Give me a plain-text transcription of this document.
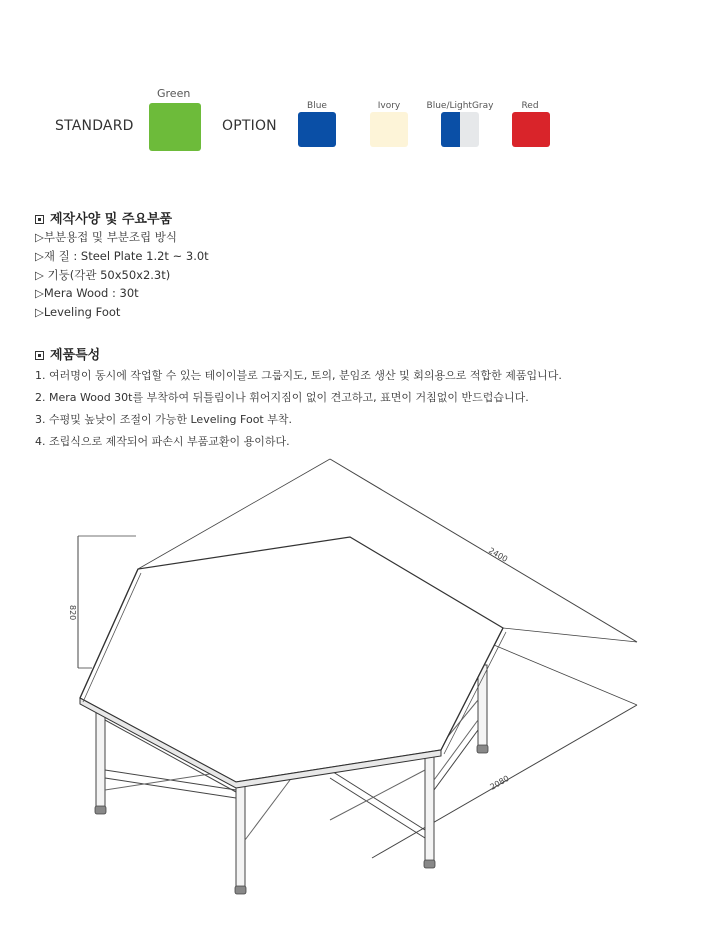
STANDARD
Green
OPTION
Blue	Ivory	Blue/LightGray	Red
제작사양 및 주요부품
▷부분용접 및 부분조립 방식
▷재 질 : Steel Plate 1.2t ~ 3.0t
▷ 기둥(각관 50x50x2.3t)
▷Mera Wood : 30t
▷Leveling Foot
제품특성
1. 여러명이 동시에 작업할 수 있는 테이이블로 그룹지도, 토의, 분임조 생산 및 회의용으로 적합한 제품입니다.
2. Mera Wood 30t를 부착하여 뒤틀림이나 휘어지짐이 없이 견고하고, 표면이 거침없이 반드럽습니다.
3. 수평및 높낮이 조절이 가능한 Leveling Foot 부착.
4. 조립식으로 제작되어 파손시 부품교환이 용이하다.
2400
2080
820
